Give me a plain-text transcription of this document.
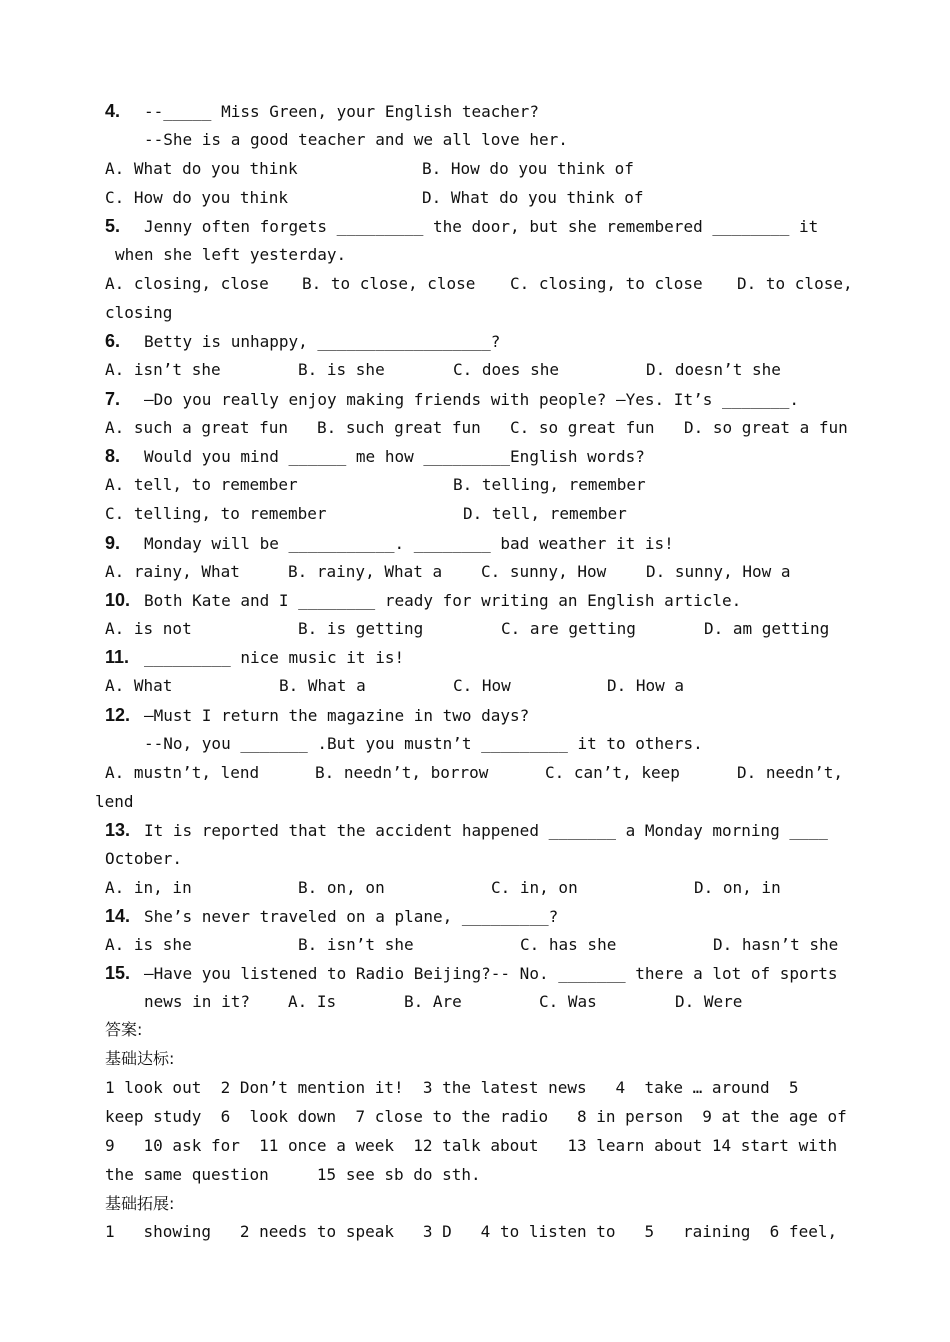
4. --_____ Miss Green, your English teacher?
--She is a good teacher and we all love her.
A. What do you think	B. How do you think of
C. How do you think	D. What do you think of
5. Jenny often forgets _________ the door, but she remembered ________ it
when she left yesterday.
A. closing, close B. to close, close C. closing, to close D. to close,
closing
6. Betty is unhappy, __________________?
A. isn’t she	B. is she	C. does she	D. doesn’t she
7. –Do you really enjoy making friends with people? –Yes. It’s _______.
A. such a great fun B. such great fun C. so great fun D. so great a fun
8. Would you mind ______ me how _________English words?
A. tell, to remember	B. telling, remember
C. telling, to remember	D. tell, remember
9. Monday will be ___________. ________ bad weather it is!
A. rainy, What	B. rainy, What a C. sunny, How D. sunny, How a
10. Both Kate and I ________ ready for writing an English article.
A. is not	B. is getting	C. are getting	D. am getting
11. _________ nice music it is!
A. What	B. What a	C. How	D. How a
12. –Must I return the magazine in two days?
--No, you _______ .But you mustn’t _________ it to others.
A. mustn’t, lend	B. needn’t, borrow	C. can’t, keep	D. needn’t,
lend
13. It is reported that the accident happened _______ a Monday morning ____
October.
A. in, in	B. on, on	C. in, on	D. on, in
14. She’s never traveled on a plane, _________?
A. is she	B. isn’t she	C. has she	D. hasn’t she
15. –Have you listened to Radio Beijing?-- No. _______ there a lot of sports
news in it? A. Is	B. Are	C. Was	D. Were
答案:
基础达标:
1 look out  2 Don’t mention it!  3 the latest news   4  take … around  5
keep study  6  look down  7 close to the radio   8 in person  9 at the age of
9   10 ask for  11 once a week  12 talk about   13 learn about 14 start with
the same question     15 see sb do sth.
基础拓展:
1   showing   2 needs to speak   3 D   4 to listen to   5   raining  6 feel,
